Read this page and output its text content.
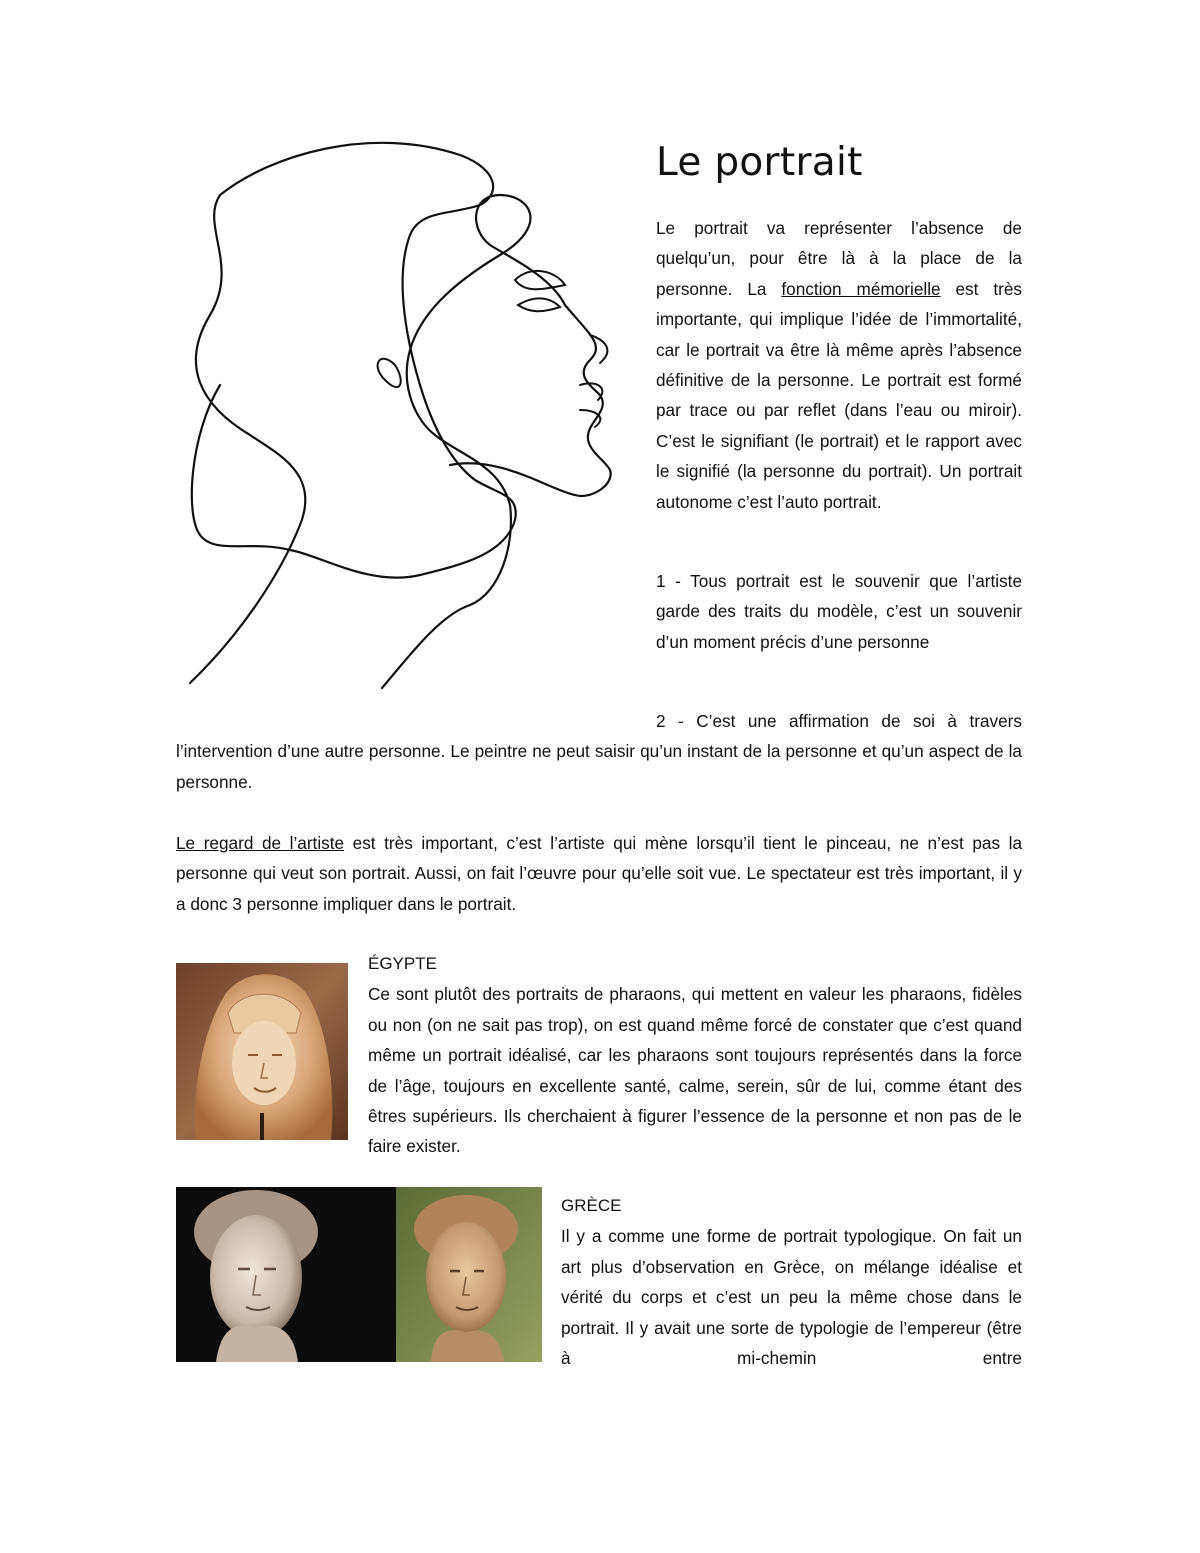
Le portrait

Le portrait va représenter l’absence de quelqu’un, pour être là à la place de la personne. La fonction mémorielle est très importante, qui implique l’idée de l’immortalité, car le portrait va être là même après l’absence définitive de la personne. Le portrait est formé par trace ou par reflet (dans l’eau ou miroir). C’est le signifiant (le portrait) et le rapport avec le signifié (la personne du portrait). Un portrait autonome c’est l’auto portrait.

1 - Tous portrait est le souvenir que l’artiste garde des traits du modèle, c’est un souvenir d’un moment précis d’une personne

2 - C’est une affirmation de soi à travers l’intervention d’une autre personne. Le peintre ne peut saisir qu’un instant de la personne et qu’un aspect de la personne.

Le regard de l’artiste est très important, c’est l’artiste qui mène lorsqu’il tient le pinceau, ne n’est pas la personne qui veut son portrait. Aussi, on fait l’œuvre pour qu’elle soit vue. Le spectateur est très important, il y a donc 3 personne impliquer dans le portrait.

ÉGYPTE

Ce sont plutôt des portraits de pharaons, qui mettent en valeur les pharaons, fidèles ou non (on ne sait pas trop), on est quand même forcé de constater que c’est quand même un portrait idéalisé, car les pharaons sont toujours représentés dans la force de l’âge, toujours en excellente santé, calme, serein, sûr de lui, comme étant des êtres supérieurs. Ils cherchaient à figurer l’essence de la personne et non pas de le faire exister.

GRÈCE

Il y a comme une forme de portrait typologique. On fait un art plus d’observation en Grèce, on mélange idéalise et vérité du corps et c’est un peu la même chose dans le portrait. Il y avait une sorte de typologie de l’empereur (être à mi-chemin entre
